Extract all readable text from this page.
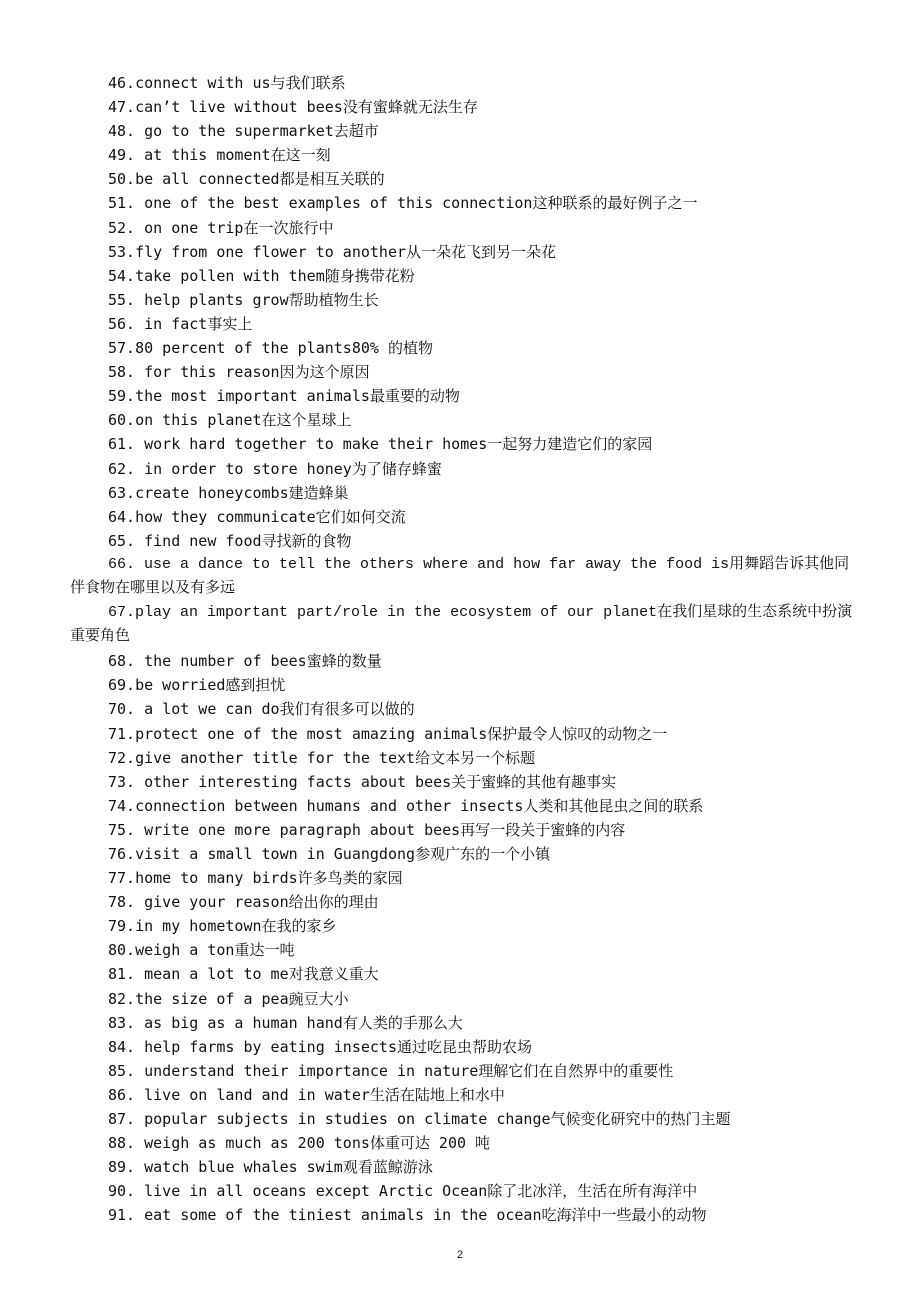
46.connect with us与我们联系
47.can’t live without bees没有蜜蜂就无法生存
48. go to the supermarket去超市
49. at this moment在这一刻
50.be all connected都是相互关联的
51. one of the best examples of this connection这种联系的最好例子之一
52. on one trip在一次旅行中
53.fly from one flower to another从一朵花飞到另一朵花
54.take pollen with them随身携带花粉
55. help plants grow帮助植物生长
56. in fact事实上
57.80 percent of the plants80% 的植物
58. for this reason因为这个原因
59.the most important animals最重要的动物
60.on this planet在这个星球上
61. work hard together to make their homes一起努力建造它们的家园
62. in order to store honey为了储存蜂蜜
63.create honeycombs建造蜂巢
64.how they communicate它们如何交流
65. find new food寻找新的食物
66. use a dance to tell the others where and how far away the food is用舞蹈告诉其他同伴食物在哪里以及有多远
67.play an important part/role in the ecosystem of our planet在我们星球的生态系统中扮演重要角色
68. the number of bees蜜蜂的数量
69.be worried感到担忧
70. a lot we can do我们有很多可以做的
71.protect one of the most amazing animals保护最令人惊叹的动物之一
72.give another title for the text给文本另一个标题
73. other interesting facts about bees关于蜜蜂的其他有趣事实
74.connection between humans and other insects人类和其他昆虫之间的联系
75. write one more paragraph about bees再写一段关于蜜蜂的内容
76.visit a small town in Guangdong参观广东的一个小镇
77.home to many birds许多鸟类的家园
78. give your reason给出你的理由
79.in my hometown在我的家乡
80.weigh a ton重达一吨
81. mean a lot to me对我意义重大
82.the size of a pea豌豆大小
83. as big as a human hand有人类的手那么大
84. help farms by eating insects通过吃昆虫帮助农场
85. understand their importance in nature理解它们在自然界中的重要性
86. live on land and in water生活在陆地上和水中
87. popular subjects in studies on climate change气候变化研究中的热门主题
88. weigh as much as 200 tons体重可达 200 吨
89. watch blue whales swim观看蓝鲸游泳
90. live in all oceans except Arctic Ocean除了北冰洋，生活在所有海洋中
91. eat some of the tiniest animals in the ocean吃海洋中一些最小的动物
2
